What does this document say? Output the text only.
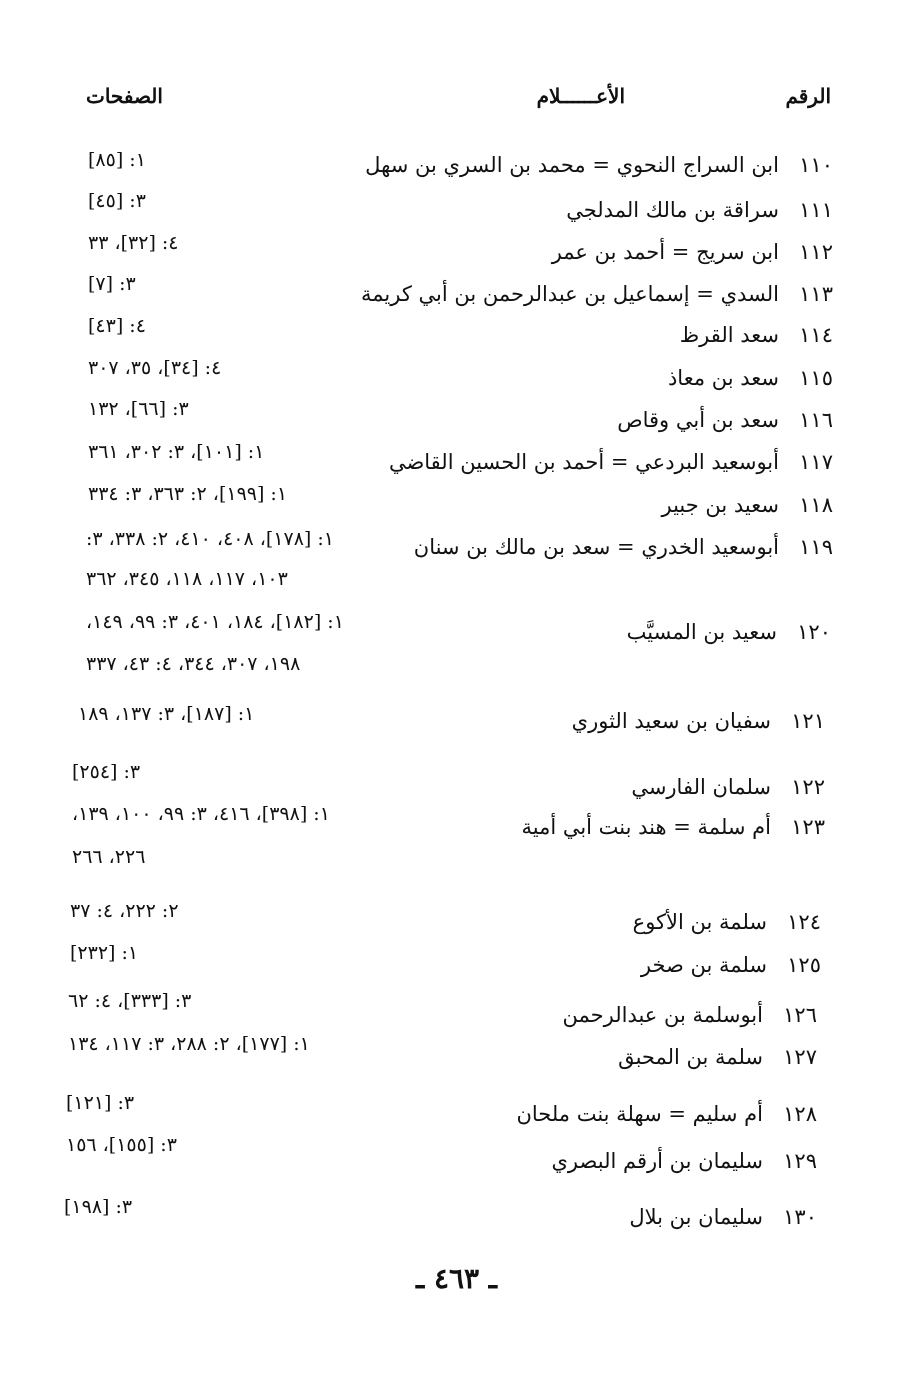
الرقم
الأعــــــلام
الصفحات
١١٠ابن السراج النحوي = محمد بن السري بن سهل
١١١سراقة بن مالك المدلجي
١١٢ابن سريج = أحمد بن عمر
١١٣السدي = إسماعيل بن عبدالرحمن بن أبي كريمة
١١٤سعد القرظ
١١٥سعد بن معاذ
١١٦سعد بن أبي وقاص
١١٧أبوسعيد البردعي = أحمد بن الحسين القاضي
١١٨سعيد بن جبير
١١٩أبوسعيد الخدري = سعد بن مالك بن سنان
١٢٠سعيد بن المسيَّب
١٢١سفيان بن سعيد الثوري
١٢٢سلمان الفارسي
١٢٣أم سلمة = هند بنت أبي أمية
١٢٤سلمة بن الأكوع
١٢٥سلمة بن صخر
١٢٦أبوسلمة بن عبدالرحمن
١٢٧سلمة بن المحبق
١٢٨أم سليم = سهلة بنت ملحان
١٢٩سليمان بن أرقم البصري
١٣٠سليمان بن بلال
١: [٨٥]
٣: [٤٥]
٤: [٣٢]، ٣٣
٣: [٧]
٤: [٤٣]
٤: [٣٤]، ٣٥، ٣٠٧
٣: [٦٦]، ١٣٢
١: [١٠١]، ٣: ٣٠٢، ٣٦١
١: [١٩٩]، ٢: ٣٦٣، ٣: ٣٣٤
١: [١٧٨]، ٤٠٨، ٤١٠، ٢: ٣٣٨، ٣:
١٠٣، ١١٧، ١١٨، ٣٤٥، ٣٦٢
١: [١٨٢]، ١٨٤، ٤٠١، ٣: ٩٩، ١٤٩،
١٩٨، ٣٠٧، ٣٤٤، ٤: ٤٣، ٣٣٧
١: [١٨٧]، ٣: ١٣٧، ١٨٩
٣: [٢٥٤]
١: [٣٩٨]، ٤١٦، ٣: ٩٩، ١٠٠، ١٣٩،
٢٢٦، ٢٦٦
٢: ٢٢٢، ٤: ٣٧
١: [٢٣٢]
٣: [٣٣٣]، ٤: ٦٢
١: [١٧٧]، ٢: ٢٨٨، ٣: ١١٧، ١٣٤
٣: [١٢١]
٣: [١٥٥]، ١٥٦
٣: [١٩٨]
ـ ٤٦٣ ـ
